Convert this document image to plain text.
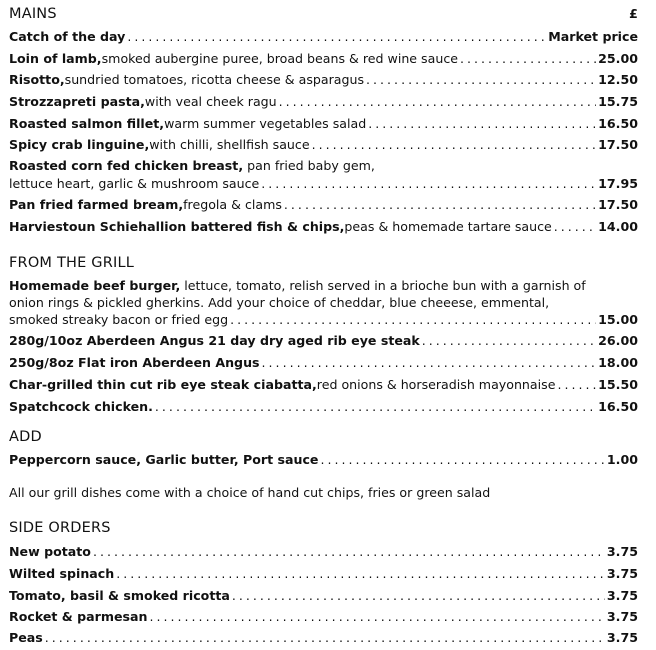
MAINS	£
Catch of the day . . .	Market price
Loin of lamb, smoked aubergine puree, broad beans & red wine sauce . . .	25.00
Risotto, sundried tomatoes, ricotta cheese & asparagus . . .	12.50
Strozzapreti pasta, with veal cheek ragu . . .	15.75
Roasted salmon fillet, warm summer vegetables salad . . .	16.50
Spicy crab linguine, with chilli, shellfish sauce . . .	17.50
Roasted corn fed chicken breast, pan fried baby gem,
lettuce heart, garlic & mushroom sauce . . .	17.95
Pan fried farmed bream, fregola & clams . . .	17.50
Harviestoun Schiehallion battered fish & chips, peas & homemade tartare sauce . . .	14.00
FROM THE GRILL
Homemade beef burger, lettuce, tomato, relish served in a brioche bun with a garnish of
onion rings & pickled gherkins. Add your choice of cheddar, blue cheeese, emmental,
smoked streaky bacon or fried egg . . .	15.00
280g/10oz Aberdeen Angus 21 day dry aged rib eye steak . . .	26.00
250g/8oz Flat iron Aberdeen Angus . . .	18.00
Char-grilled thin cut rib eye steak ciabatta, red onions & horseradish mayonnaise . . .	15.50
Spatchcock chicken. . . .	16.50
ADD
Peppercorn sauce, Garlic butter, Port sauce . . .	1.00
All our grill dishes come with a choice of hand cut chips, fries or green salad
SIDE ORDERS
New potato . . .	3.75
Wilted spinach . . .	3.75
Tomato, basil & smoked ricotta . . .	3.75
Rocket & parmesan . . .	3.75
Peas . . .	3.75
